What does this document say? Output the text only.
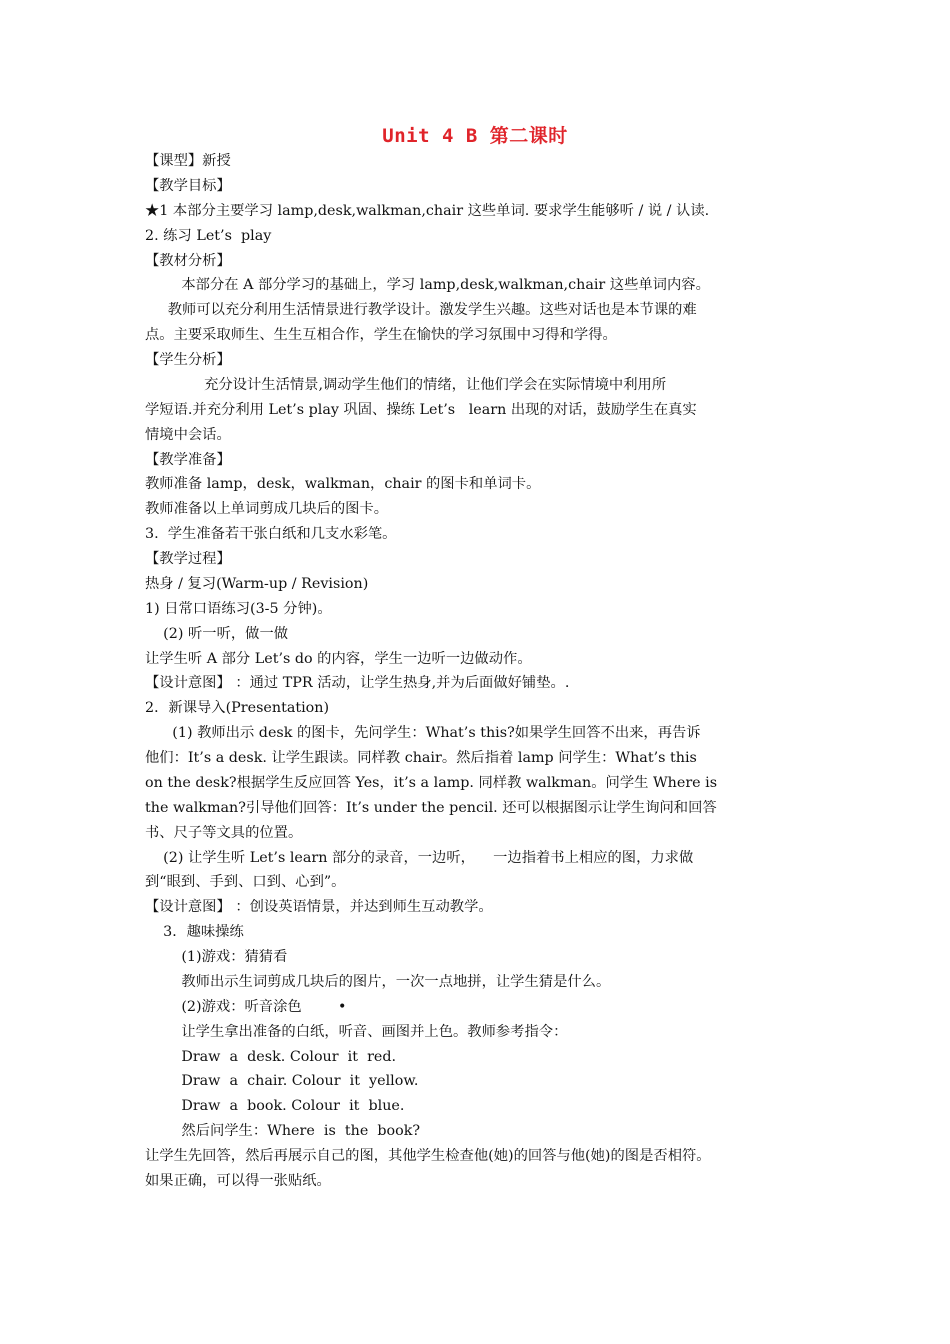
Unit 4 B 第二课时
【课型】新授
【教学目标】
★1 本部分主要学习 lamp,desk,walkman,chair 这些单词. 要求学生能够听 / 说 / 认读.
2. 练习 Let’s  play
【教材分析】
本部分在 A 部分学习的基础上，学习 lamp,desk,walkman,chair 这些单词内容。
教师可以充分利用生活情景进行教学设计。激发学生兴趣。这些对话也是本节课的难
点。主要采取师生、生生互相合作，学生在愉快的学习氛围中习得和学得。
【学生分析】
充分设计生活情景,调动学生他们的情绪，让他们学会在实际情境中利用所
学短语.并充分利用 Let’s play 巩固、操练 Let’s   learn 出现的对话，鼓励学生在真实
情境中会话。
【教学准备】
教师准备 lamp，desk，walkman，chair 的图卡和单词卡。
教师准备以上单词剪成几块后的图卡。
3.  学生准备若干张白纸和几支水彩笔。
【教学过程】
热身 / 复习(Warm-up / Revision)
1) 日常口语练习(3-5 分钟)。
(2) 听一听，做一做
让学生听 A 部分 Let’s do 的内容，学生一边听一边做动作。
【设计意图】 ：通过 TPR 活动，让学生热身,并为后面做好铺垫。.
2．新课导入(Presentation)
(1) 教师出示 desk 的图卡，先问学生：What’s this?如果学生回答不出来，再告诉
他们：It’s a desk. 让学生跟读。同样教 chair。然后指着 lamp 问学生：What’s this
on the desk?根据学生反应回答 Yes，it’s a lamp. 同样教 walkman。问学生 Where is
the walkman?引导他们回答：It’s under the pencil. 还可以根据图示让学生询问和回答
书、尺子等文具的位置。
(2) 让学生听 Let’s learn 部分的录音，一边听，    一边指着书上相应的图，力求做
到“眼到、手到、口到、心到”。
【设计意图】 ：创设英语情景，并达到师生互动教学。
3．趣味操练
(1)游戏：猜猜看
教师出示生词剪成几块后的图片，一次一点地拼，让学生猜是什么。
(2)游戏：听音涂色        •
让学生拿出准备的白纸，听音、画图并上色。教师参考指令：
Draw  a  desk. Colour  it  red.
Draw  a  chair. Colour  it  yellow.
Draw  a  book. Colour  it  blue.
然后问学生：Where  is  the  book?
让学生先回答，然后再展示自己的图，其他学生检查他(她)的回答与他(她)的图是否相符。
如果正确，可以得一张贴纸。
